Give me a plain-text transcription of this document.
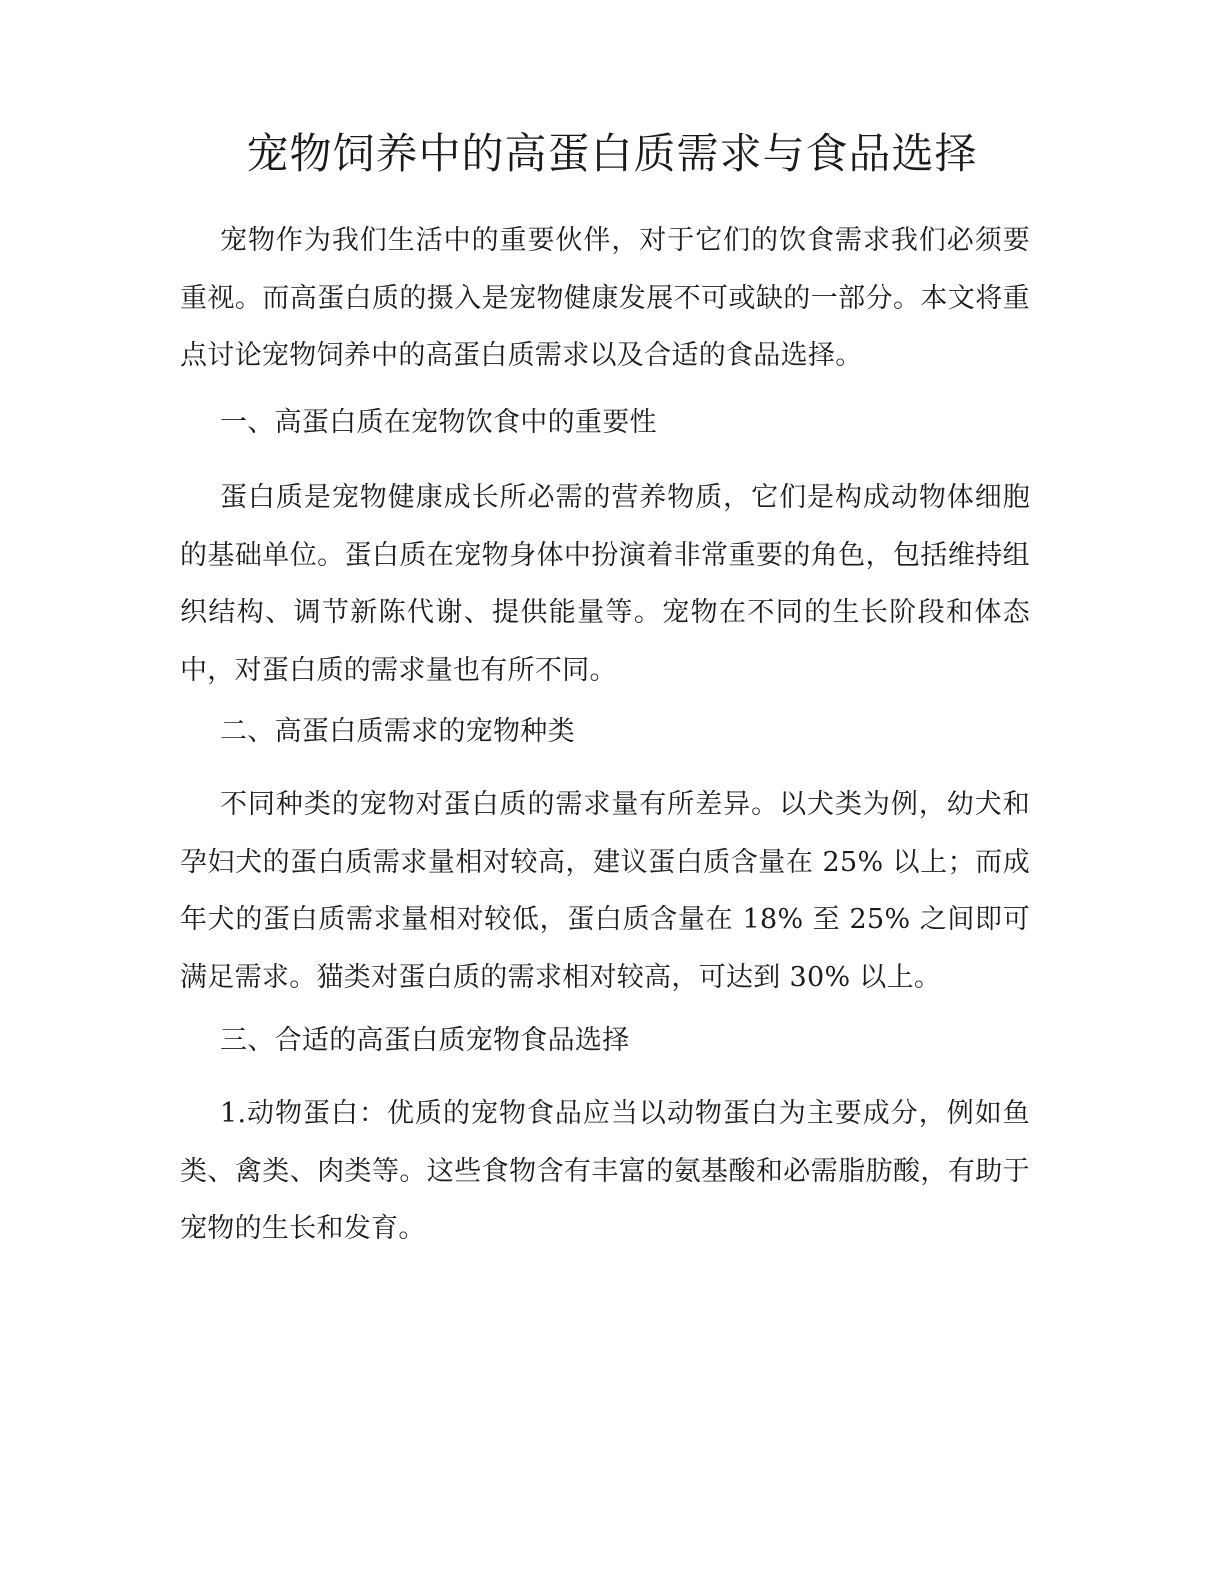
宠物饲养中的高蛋白质需求与食品选择

宠物作为我们生活中的重要伙伴，对于它们的饮食需求我们必须要重视。而高蛋白质的摄入是宠物健康发展不可或缺的一部分。本文将重点讨论宠物饲养中的高蛋白质需求以及合适的食品选择。

一、高蛋白质在宠物饮食中的重要性

蛋白质是宠物健康成长所必需的营养物质，它们是构成动物体细胞的基础单位。蛋白质在宠物身体中扮演着非常重要的角色，包括维持组织结构、调节新陈代谢、提供能量等。宠物在不同的生长阶段和体态中，对蛋白质的需求量也有所不同。

二、高蛋白质需求的宠物种类

不同种类的宠物对蛋白质的需求量有所差异。以犬类为例，幼犬和孕妇犬的蛋白质需求量相对较高，建议蛋白质含量在 25% 以上；而成年犬的蛋白质需求量相对较低，蛋白质含量在 18% 至 25% 之间即可满足需求。猫类对蛋白质的需求相对较高，可达到 30% 以上。

三、合适的高蛋白质宠物食品选择

1.动物蛋白：优质的宠物食品应当以动物蛋白为主要成分，例如鱼类、禽类、肉类等。这些食物含有丰富的氨基酸和必需脂肪酸，有助于宠物的生长和发育。
